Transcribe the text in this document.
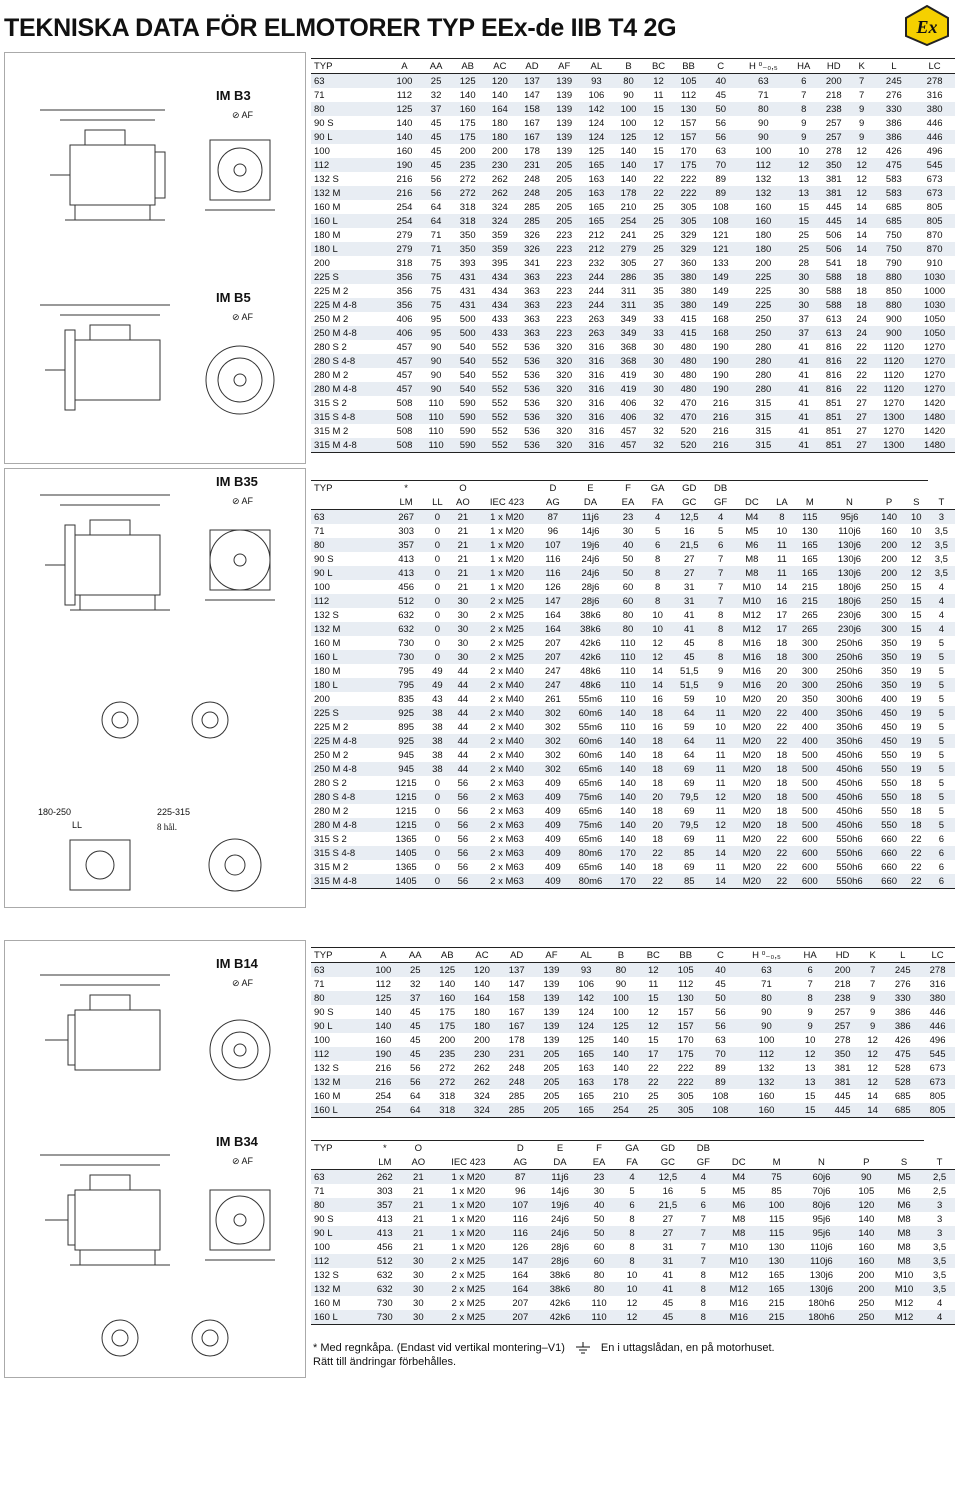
TEKNISKA DATA FÖR ELMOTORER TYP EEx-de IIB T4 2G	Ex
IM B3
IM B5
IM B35
IM B14
IM B34
⊘ AF
⊘ AF
⊘ AF
⊘ AF
⊘ AF
180-250	225-315
8 hål.
LL
TYP	A	AA	AB	AC	AD	AF	AL	B	BC	BB	C	H ⁰₋₀,₅	HA	HD	K	L	LC
63	100	25	125	120	137	139	93	80	12	105	40	63	6	200	7	245	278
71	112	32	140	140	147	139	106	90	11	112	45	71	7	218	7	276	316
80	125	37	160	164	158	139	142	100	15	130	50	80	8	238	9	330	380
90 S	140	45	175	180	167	139	124	100	12	157	56	90	9	257	9	386	446
90 L	140	45	175	180	167	139	124	125	12	157	56	90	9	257	9	386	446
100	160	45	200	200	178	139	125	140	15	170	63	100	10	278	12	426	496
112	190	45	235	230	231	205	165	140	17	175	70	112	12	350	12	475	545
132 S	216	56	272	262	248	205	163	140	22	222	89	132	13	381	12	583	673
132 M	216	56	272	262	248	205	163	178	22	222	89	132	13	381	12	583	673
160 M	254	64	318	324	285	205	165	210	25	305	108	160	15	445	14	685	805
160 L	254	64	318	324	285	205	165	254	25	305	108	160	15	445	14	685	805
180 M	279	71	350	359	326	223	212	241	25	329	121	180	25	506	14	750	870
180 L	279	71	350	359	326	223	212	279	25	329	121	180	25	506	14	750	870
200	318	75	393	395	341	223	232	305	27	360	133	200	28	541	18	790	910
225 S	356	75	431	434	363	223	244	286	35	380	149	225	30	588	18	880	1030
225 M 2	356	75	431	434	363	223	244	311	35	380	149	225	30	588	18	850	1000
225 M 4-8	356	75	431	434	363	223	244	311	35	380	149	225	30	588	18	880	1030
250 M 2	406	95	500	433	363	223	263	349	33	415	168	250	37	613	24	900	1050
250 M 4-8	406	95	500	433	363	223	263	349	33	415	168	250	37	613	24	900	1050
280 S 2	457	90	540	552	536	320	316	368	30	480	190	280	41	816	22	1120	1270
280 S 4-8	457	90	540	552	536	320	316	368	30	480	190	280	41	816	22	1120	1270
280 M 2	457	90	540	552	536	320	316	419	30	480	190	280	41	816	22	1120	1270
280 M 4-8	457	90	540	552	536	320	316	419	30	480	190	280	41	816	22	1120	1270
315 S 2	508	110	590	552	536	320	316	406	32	470	216	315	41	851	27	1270	1420
315 S 4-8	508	110	590	552	536	320	316	406	32	470	216	315	41	851	27	1300	1480
315 M 2	508	110	590	552	536	320	316	457	32	520	216	315	41	851	27	1270	1420
315 M 4-8	508	110	590	552	536	320	316	457	32	520	216	315	41	851	27	1300	1480
TYP	*		O		D	E	F	GA	GD	DB							
	LM	LL	AO	IEC 423	AG	DA	EA	FA	GC	GF	DC	LA	M	N	P	S	T
63	267	0	21	1 x M20	87	11j6	23	4	12,5	4	M4	8	115	95j6	140	10	3
71	303	0	21	1 x M20	96	14j6	30	5	16	5	M5	10	130	110j6	160	10	3,5
80	357	0	21	1 x M20	107	19j6	40	6	21,5	6	M6	11	165	130j6	200	12	3,5
90 S	413	0	21	1 x M20	116	24j6	50	8	27	7	M8	11	165	130j6	200	12	3,5
90 L	413	0	21	1 x M20	116	24j6	50	8	27	7	M8	11	165	130j6	200	12	3,5
100	456	0	21	1 x M20	126	28j6	60	8	31	7	M10	14	215	180j6	250	15	4
112	512	0	30	2 x M25	147	28j6	60	8	31	7	M10	16	215	180j6	250	15	4
132 S	632	0	30	2 x M25	164	38k6	80	10	41	8	M12	17	265	230j6	300	15	4
132 M	632	0	30	2 x M25	164	38k6	80	10	41	8	M12	17	265	230j6	300	15	4
160 M	730	0	30	2 x M25	207	42k6	110	12	45	8	M16	18	300	250h6	350	19	5
160 L	730	0	30	2 x M25	207	42k6	110	12	45	8	M16	18	300	250h6	350	19	5
180 M	795	49	44	2 x M40	247	48k6	110	14	51,5	9	M16	20	300	250h6	350	19	5
180 L	795	49	44	2 x M40	247	48k6	110	14	51,5	9	M16	20	300	250h6	350	19	5
200	835	43	44	2 x M40	261	55m6	110	16	59	10	M20	20	350	300h6	400	19	5
225 S	925	38	44	2 x M40	302	60m6	140	18	64	11	M20	22	400	350h6	450	19	5
225 M 2	895	38	44	2 x M40	302	55m6	110	16	59	10	M20	22	400	350h6	450	19	5
225 M 4-8	925	38	44	2 x M40	302	60m6	140	18	64	11	M20	22	400	350h6	450	19	5
250 M 2	945	38	44	2 x M40	302	60m6	140	18	64	11	M20	18	500	450h6	550	19	5
250 M 4-8	945	38	44	2 x M40	302	65m6	140	18	69	11	M20	18	500	450h6	550	19	5
280 S 2	1215	0	56	2 x M63	409	65m6	140	18	69	11	M20	18	500	450h6	550	18	5
280 S 4-8	1215	0	56	2 x M63	409	75m6	140	20	79,5	12	M20	18	500	450h6	550	18	5
280 M 2	1215	0	56	2 x M63	409	65m6	140	18	69	11	M20	18	500	450h6	550	18	5
280 M 4-8	1215	0	56	2 x M63	409	75m6	140	20	79,5	12	M20	18	500	450h6	550	18	5
315 S 2	1365	0	56	2 x M63	409	65m6	140	18	69	11	M20	22	600	550h6	660	22	6
315 S 4-8	1405	0	56	2 x M63	409	80m6	170	22	85	14	M20	22	600	550h6	660	22	6
315 M 2	1365	0	56	2 x M63	409	65m6	140	18	69	11	M20	22	600	550h6	660	22	6
315 M 4-8	1405	0	56	2 x M63	409	80m6	170	22	85	14	M20	22	600	550h6	660	22	6
TYP	A	AA	AB	AC	AD	AF	AL	B	BC	BB	C	H ⁰₋₀,₅	HA	HD	K	L	LC
63	100	25	125	120	137	139	93	80	12	105	40	63	6	200	7	245	278
71	112	32	140	140	147	139	106	90	11	112	45	71	7	218	7	276	316
80	125	37	160	164	158	139	142	100	15	130	50	80	8	238	9	330	380
90 S	140	45	175	180	167	139	124	100	12	157	56	90	9	257	9	386	446
90 L	140	45	175	180	167	139	124	125	12	157	56	90	9	257	9	386	446
100	160	45	200	200	178	139	125	140	15	170	63	100	10	278	12	426	496
112	190	45	235	230	231	205	165	140	17	175	70	112	12	350	12	475	545
132 S	216	56	272	262	248	205	163	140	22	222	89	132	13	381	12	528	673
132 M	216	56	272	262	248	205	163	178	22	222	89	132	13	381	12	528	673
160 M	254	64	318	324	285	205	165	210	25	305	108	160	15	445	14	685	805
160 L	254	64	318	324	285	205	165	254	25	305	108	160	15	445	14	685	805
TYP	*	O		D	E	F	GA	GD	DB						
	LM	AO	IEC 423	AG	DA	EA	FA	GC	GF	DC	M	N	P	S	T
63	262	21	1 x M20	87	11j6	23	4	12,5	4	M4	75	60j6	90	M5	2,5
71	303	21	1 x M20	96	14j6	30	5	16	5	M5	85	70j6	105	M6	2,5
80	357	21	1 x M20	107	19j6	40	6	21,5	6	M6	100	80j6	120	M6	3
90 S	413	21	1 x M20	116	24j6	50	8	27	7	M8	115	95j6	140	M8	3
90 L	413	21	1 x M20	116	24j6	50	8	27	7	M8	115	95j6	140	M8	3
100	456	21	1 x M20	126	28j6	60	8	31	7	M10	130	110j6	160	M8	3,5
112	512	30	2 x M25	147	28j6	60	8	31	7	M10	130	110j6	160	M8	3,5
132 S	632	30	2 x M25	164	38k6	80	10	41	8	M12	165	130j6	200	M10	3,5
132 M	632	30	2 x M25	164	38k6	80	10	41	8	M12	165	130j6	200	M10	3,5
160 M	730	30	2 x M25	207	42k6	110	12	45	8	M16	215	180h6	250	M12	4
160 L	730	30	2 x M25	207	42k6	110	12	45	8	M16	215	180h6	250	M12	4
* Med regnkåpa. (Endast vid vertikal montering–V1)	En i uttagslådan, en på motorhuset.
Rätt till ändringar förbehålles.
